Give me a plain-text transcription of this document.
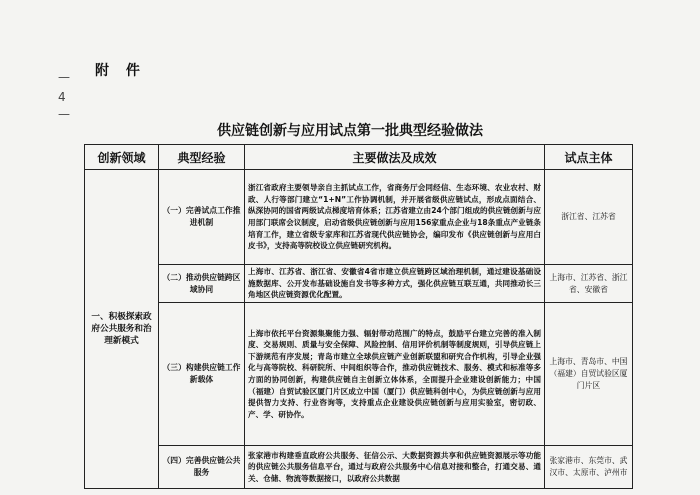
—
4
—
附 件
供应链创新与应用试点第一批典型经验做法
创新领域	典型经验	主要做法及成效	试点主体
一、积极探索政府公共服务和治理新模式	（一）完善试点工作推进机制	浙江省政府主要领导亲自主抓试点工作，省商务厅会同经信、生态环境、农业农村、财政、人行等部门建立“1+N”工作协调机制，并开展省级供应链试点，形成点面结合、纵深协同的国省两级试点梯度培育体系；江苏省建立由24个部门组成的供应链创新与应用部门联席会议制度，启动省级供应链创新与应用156家重点企业与18条重点产业链条培育工作，建立省级专家库和江苏省现代供应链协会，编印发布《供应链创新与应用白皮书》，支持高等院校设立供应链研究机构。	浙江省、江苏省
	（二）推动供应链跨区域协同	上海市、江苏省、浙江省、安徽省4省市建立供应链跨区域治理机制，通过建设基础设施数据库、公开发布基础设施自发书等多种方式，强化供应链互联互通，共同推动长三角地区供应链资源优化配置。	上海市、江苏省、浙江省、安徽省
	（三）构建供应链工作新载体	上海市依托平台资源集聚能力强、辐射带动范围广的特点，鼓励平台建立完善的准入制度、交易规则、质量与安全保障、风险控制、信用评价机制等制度规则，引导供应链上下游规范有序发展；青岛市建立全球供应链产业创新联盟和研究合作机构，引导企业强化与高等院校、科研院所、中间组织等合作，推动供应链技术、服务、模式和标准等多方面的协同创新，构建供应链自主创新立体体系，全面提升企业建设创新能力；中国（福建）自贸试验区厦门片区成立中国（厦门）供应链科创中心，为供应链创新与应用提供智力支持、行业咨询等，支持重点企业建设供应链创新与应用实验室，密切政、产、学、研协作。	上海市、青岛市、中国（福建）自贸试验区厦门片区
	（四）完善供应链公共服务	张家港市构建垂直政府公共服务、征信公示、大数据资源共享和供应链资源展示等功能的供应链公共服务信息平台，通过与政府公共服务中心信息对接和整合，打通交易、通关、仓储、物流等数据接口，以政府公共数据	张家港市、东莞市、武汉市、太原市、泸州市
